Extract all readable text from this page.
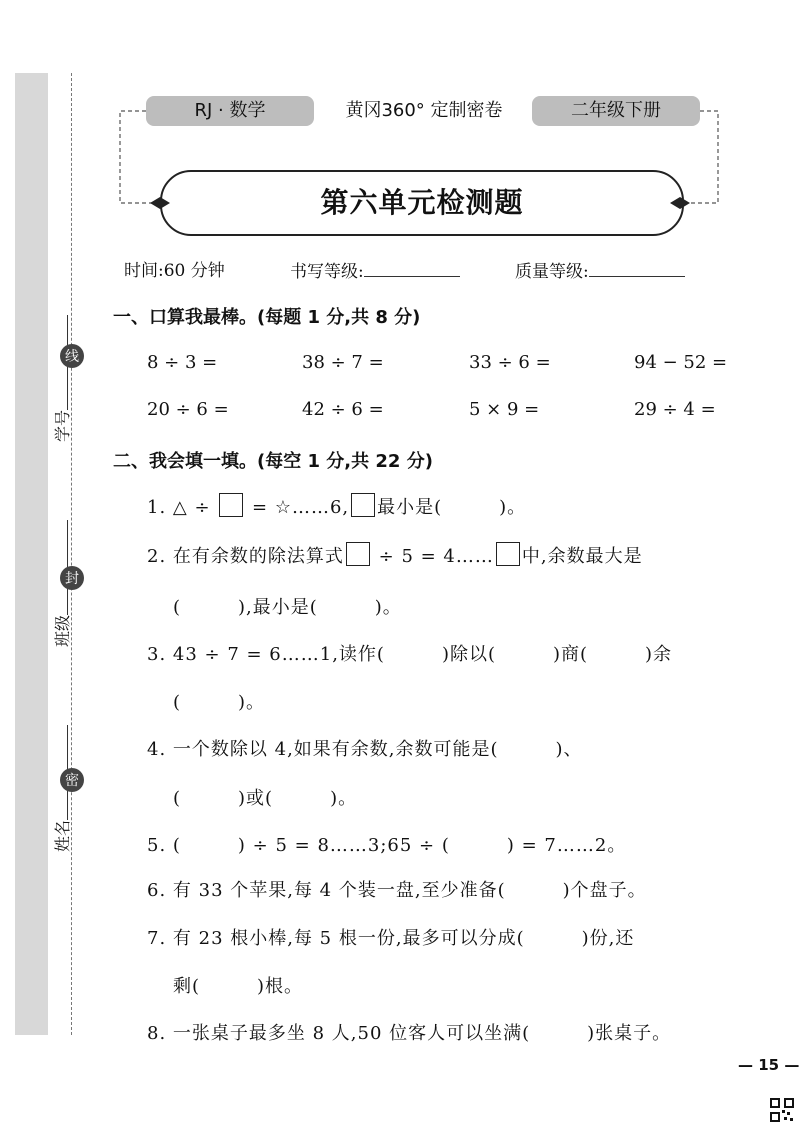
学号
班级
姓名
线
封
密
RJ · 数学	黄冈360° 定制密卷	二年级下册
第六单元检测题
时间:60 分钟	书写等级:	质量等级:
一、口算我最棒。(每题 1 分,共 8 分)
8 ÷ 3 =	38 ÷ 7 =	33 ÷ 6 =	94 − 52 =
20 ÷ 6 =	42 ÷ 6 =	5 × 9 =	29 ÷ 4 =
二、我会填一填。(每空 1 分,共 22 分)
1. △ ÷ = ☆……6, 最小是(　　　)。
2. 在有余数的除法算式 ÷ 5 = 4…… 中,余数最大是
(　　　),最小是(　　　)。
3. 43 ÷ 7 = 6……1,读作(　　　)除以(　　　)商(　　　)余
(　　　)。
4. 一个数除以 4,如果有余数,余数可能是(　　　)、
(　　　)或(　　　)。
5. (　　　) ÷ 5 = 8……3;65 ÷ (　　　) = 7……2。
6. 有 33 个苹果,每 4 个装一盘,至少准备(　　　)个盘子。
7. 有 23 根小棒,每 5 根一份,最多可以分成(　　　)份,还
剩(　　　)根。
8. 一张桌子最多坐 8 人,50 位客人可以坐满(　　　)张桌子。
— 15 —
